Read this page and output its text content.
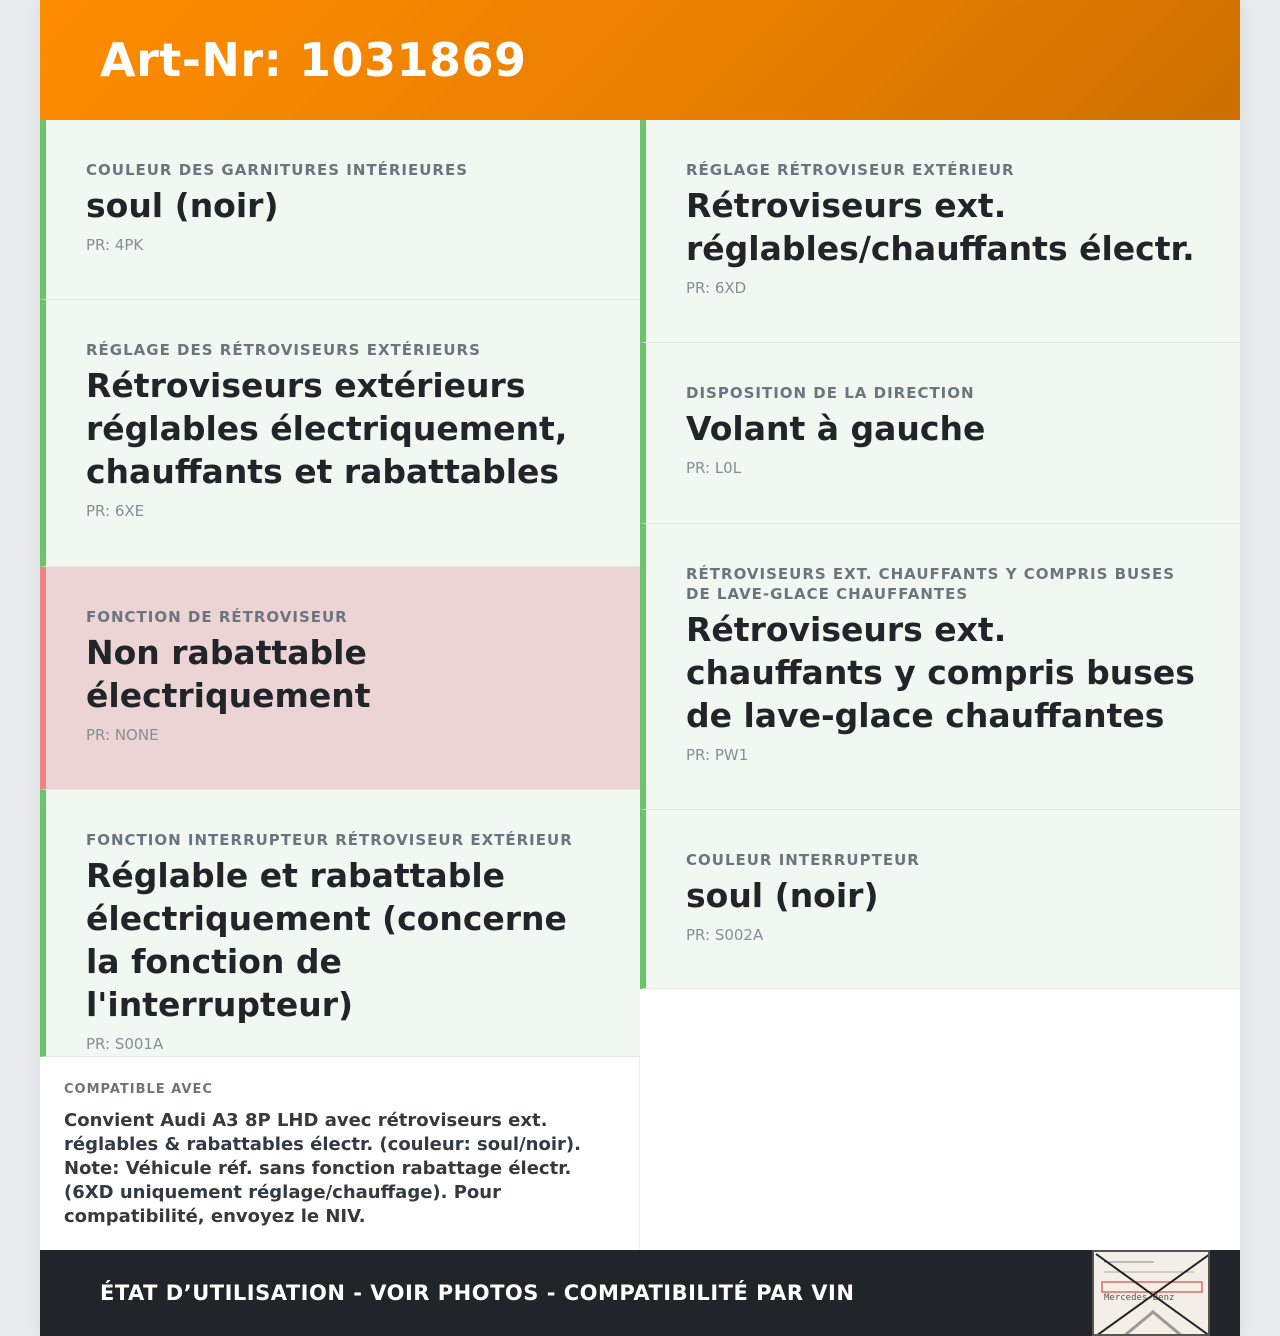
Art-Nr: 1031869
COULEUR DES GARNITURES INTÉRIEURES
soul (noir)
PR: 4PK
RÉGLAGE DES RÉTROVISEURS EXTÉRIEURS
Rétroviseurs extérieurs réglables électriquement, chauffants et rabattables
PR: 6XE
FONCTION DE RÉTROVISEUR
Non rabattable électriquement
PR: NONE
FONCTION INTERRUPTEUR RÉTROVISEUR EXTÉRIEUR
Réglable et rabattable électriquement (concerne la fonction de l'interrupteur)
PR: S001A
COMPATIBLE AVEC
Convient Audi A3 8P LHD avec rétroviseurs ext. réglables & rabattables électr. (couleur: soul/noir). Note: Véhicule réf. sans fonction rabattage électr. (6XD uniquement réglage/chauffage). Pour compatibilité, envoyez le NIV.
RÉGLAGE RÉTROVISEUR EXTÉRIEUR
Rétroviseurs ext. réglables/chauffants électr.
PR: 6XD
DISPOSITION DE LA DIRECTION
Volant à gauche
PR: L0L
RÉTROVISEURS EXT. CHAUFFANTS Y COMPRIS BUSES DE LAVE-GLACE CHAUFFANTES
Rétroviseurs ext. chauffants y compris buses de lave-glace chauffantes
PR: PW1
COULEUR INTERRUPTEUR
soul (noir)
PR: S002A
ÉTAT D’UTILISATION - VOIR PHOTOS - COMPATIBILITÉ PAR VIN	Mercedes-Benz
